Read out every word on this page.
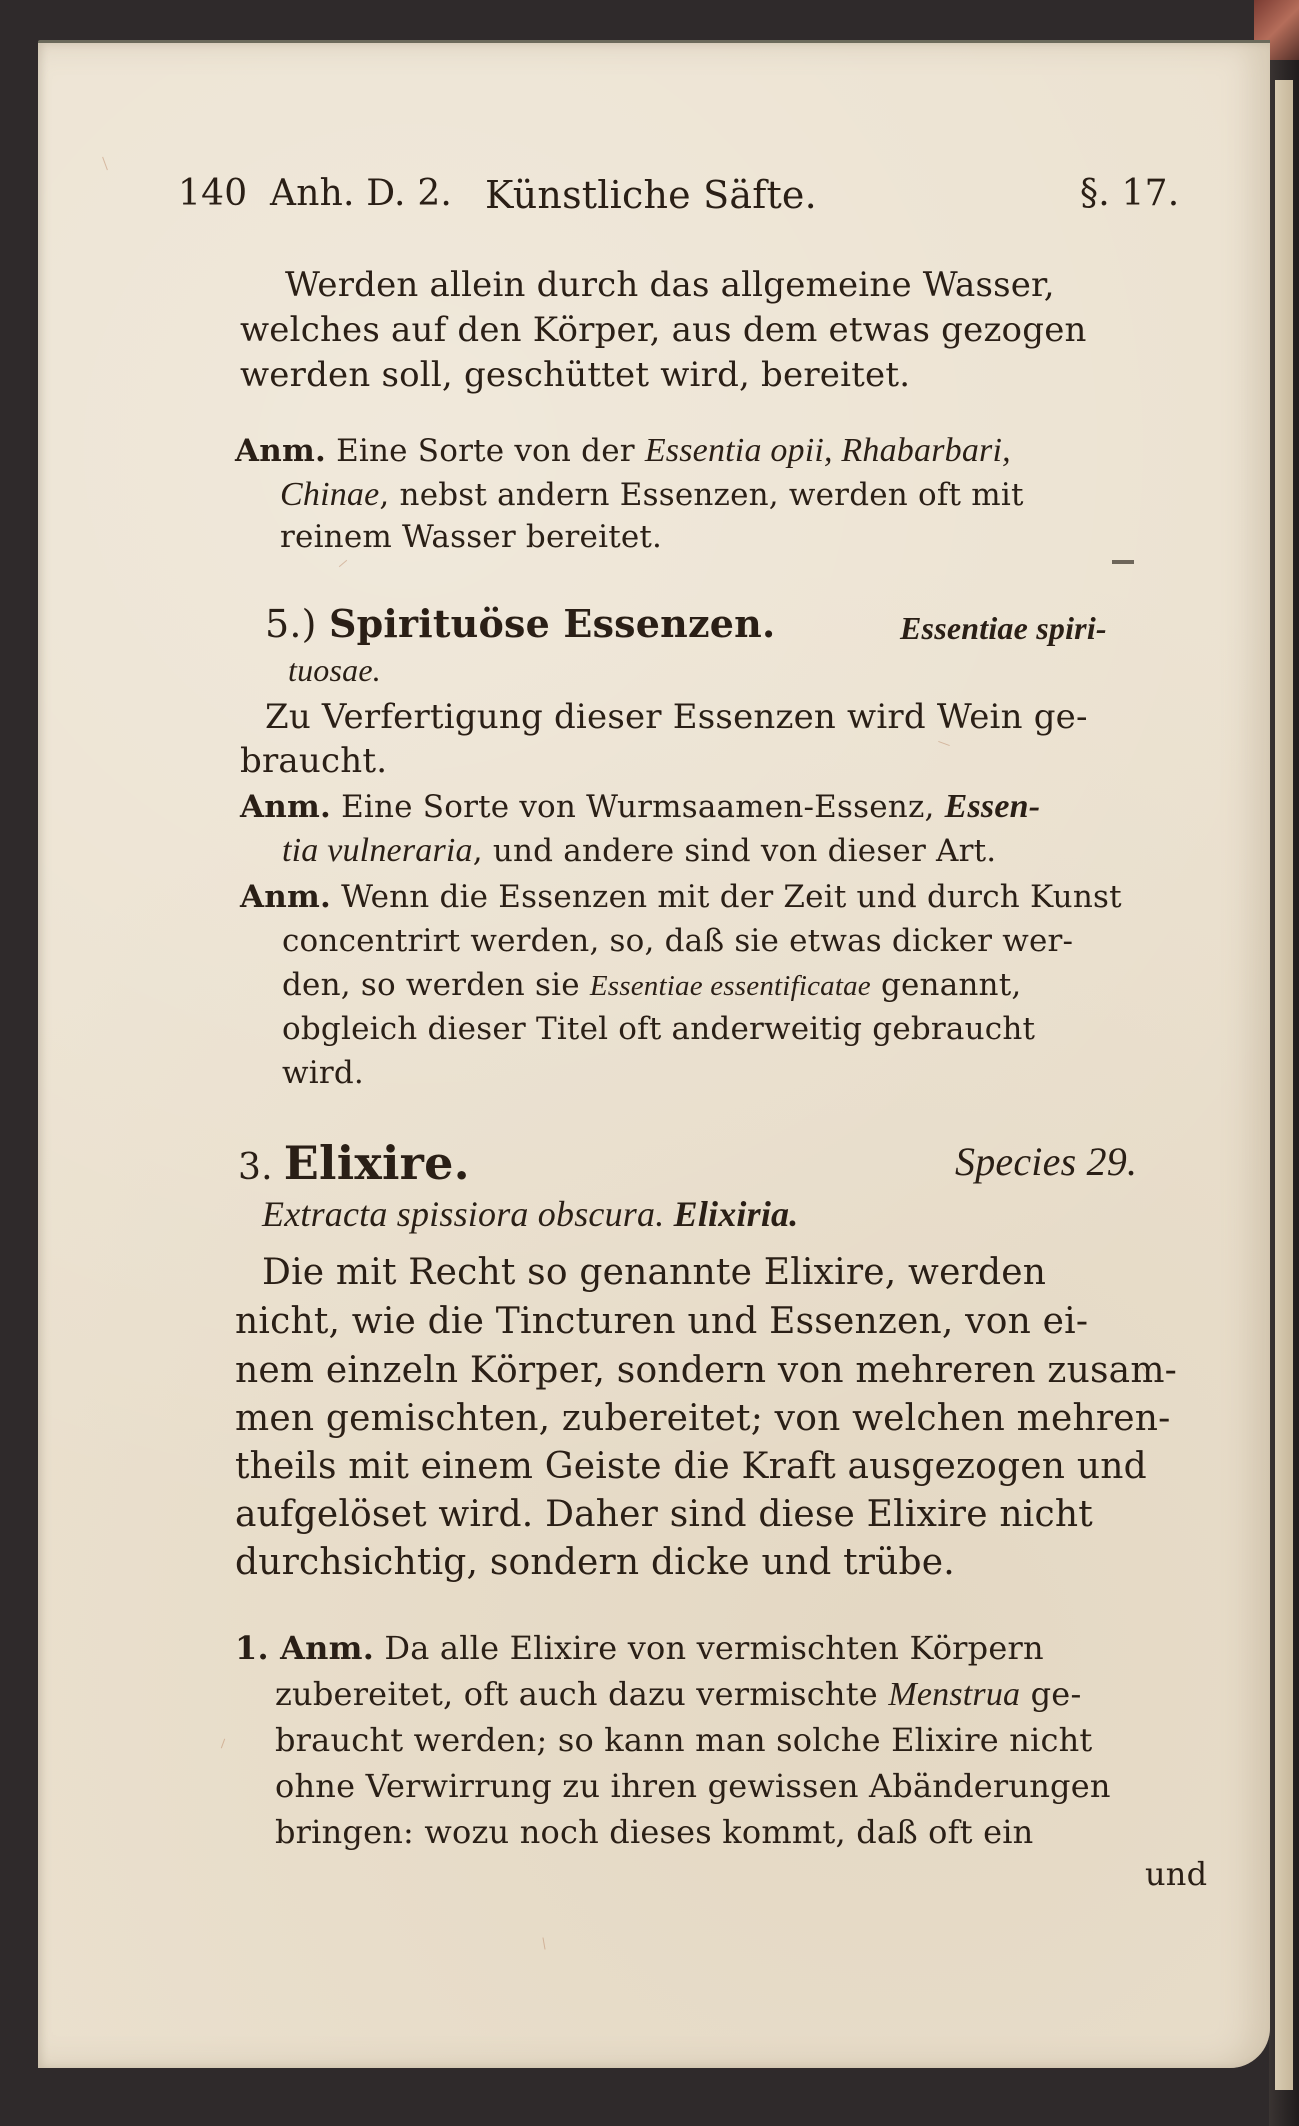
140 Anh. D. 2. Künstliche Säfte.	§. 17.
Werden allein durch das allgemeine Wasser,
welches auf den Körper, aus dem etwas gezogen
werden soll, geschüttet wird, bereitet.
Anm. Eine Sorte von der Essentia opii, Rhabarbari,
Chinae, nebst andern Essenzen, werden oft mit
reinem Wasser bereitet.
5.) Spirituöse Essenzen.	Essentiae spiri-
tuosae.
Zu Verfertigung dieser Essenzen wird Wein ge-
braucht.
Anm. Eine Sorte von Wurmsaamen-Essenz, Essen-
tia vulneraria, und andere sind von dieser Art.
Anm. Wenn die Essenzen mit der Zeit und durch Kunst
concentrirt werden, so, daß sie etwas dicker wer-
den, so werden sie Essentiae essentificatae genannt,
obgleich dieser Titel oft anderweitig gebraucht
wird.
3. Elixire.	Species 29.
Extracta spissiora obscura. Elixiria.
Die mit Recht so genannte Elixire, werden
nicht, wie die Tincturen und Essenzen, von ei-
nem einzeln Körper, sondern von mehreren zusam-
men gemischten, zubereitet; von welchen mehren-
theils mit einem Geiste die Kraft ausgezogen und
aufgelöset wird. Daher sind diese Elixire nicht
durchsichtig, sondern dicke und trübe.
1. Anm. Da alle Elixire von vermischten Körpern
zubereitet, oft auch dazu vermischte Menstrua ge-
braucht werden; so kann man solche Elixire nicht
ohne Verwirrung zu ihren gewissen Abänderungen
bringen: wozu noch dieses kommt, daß oft ein
und
